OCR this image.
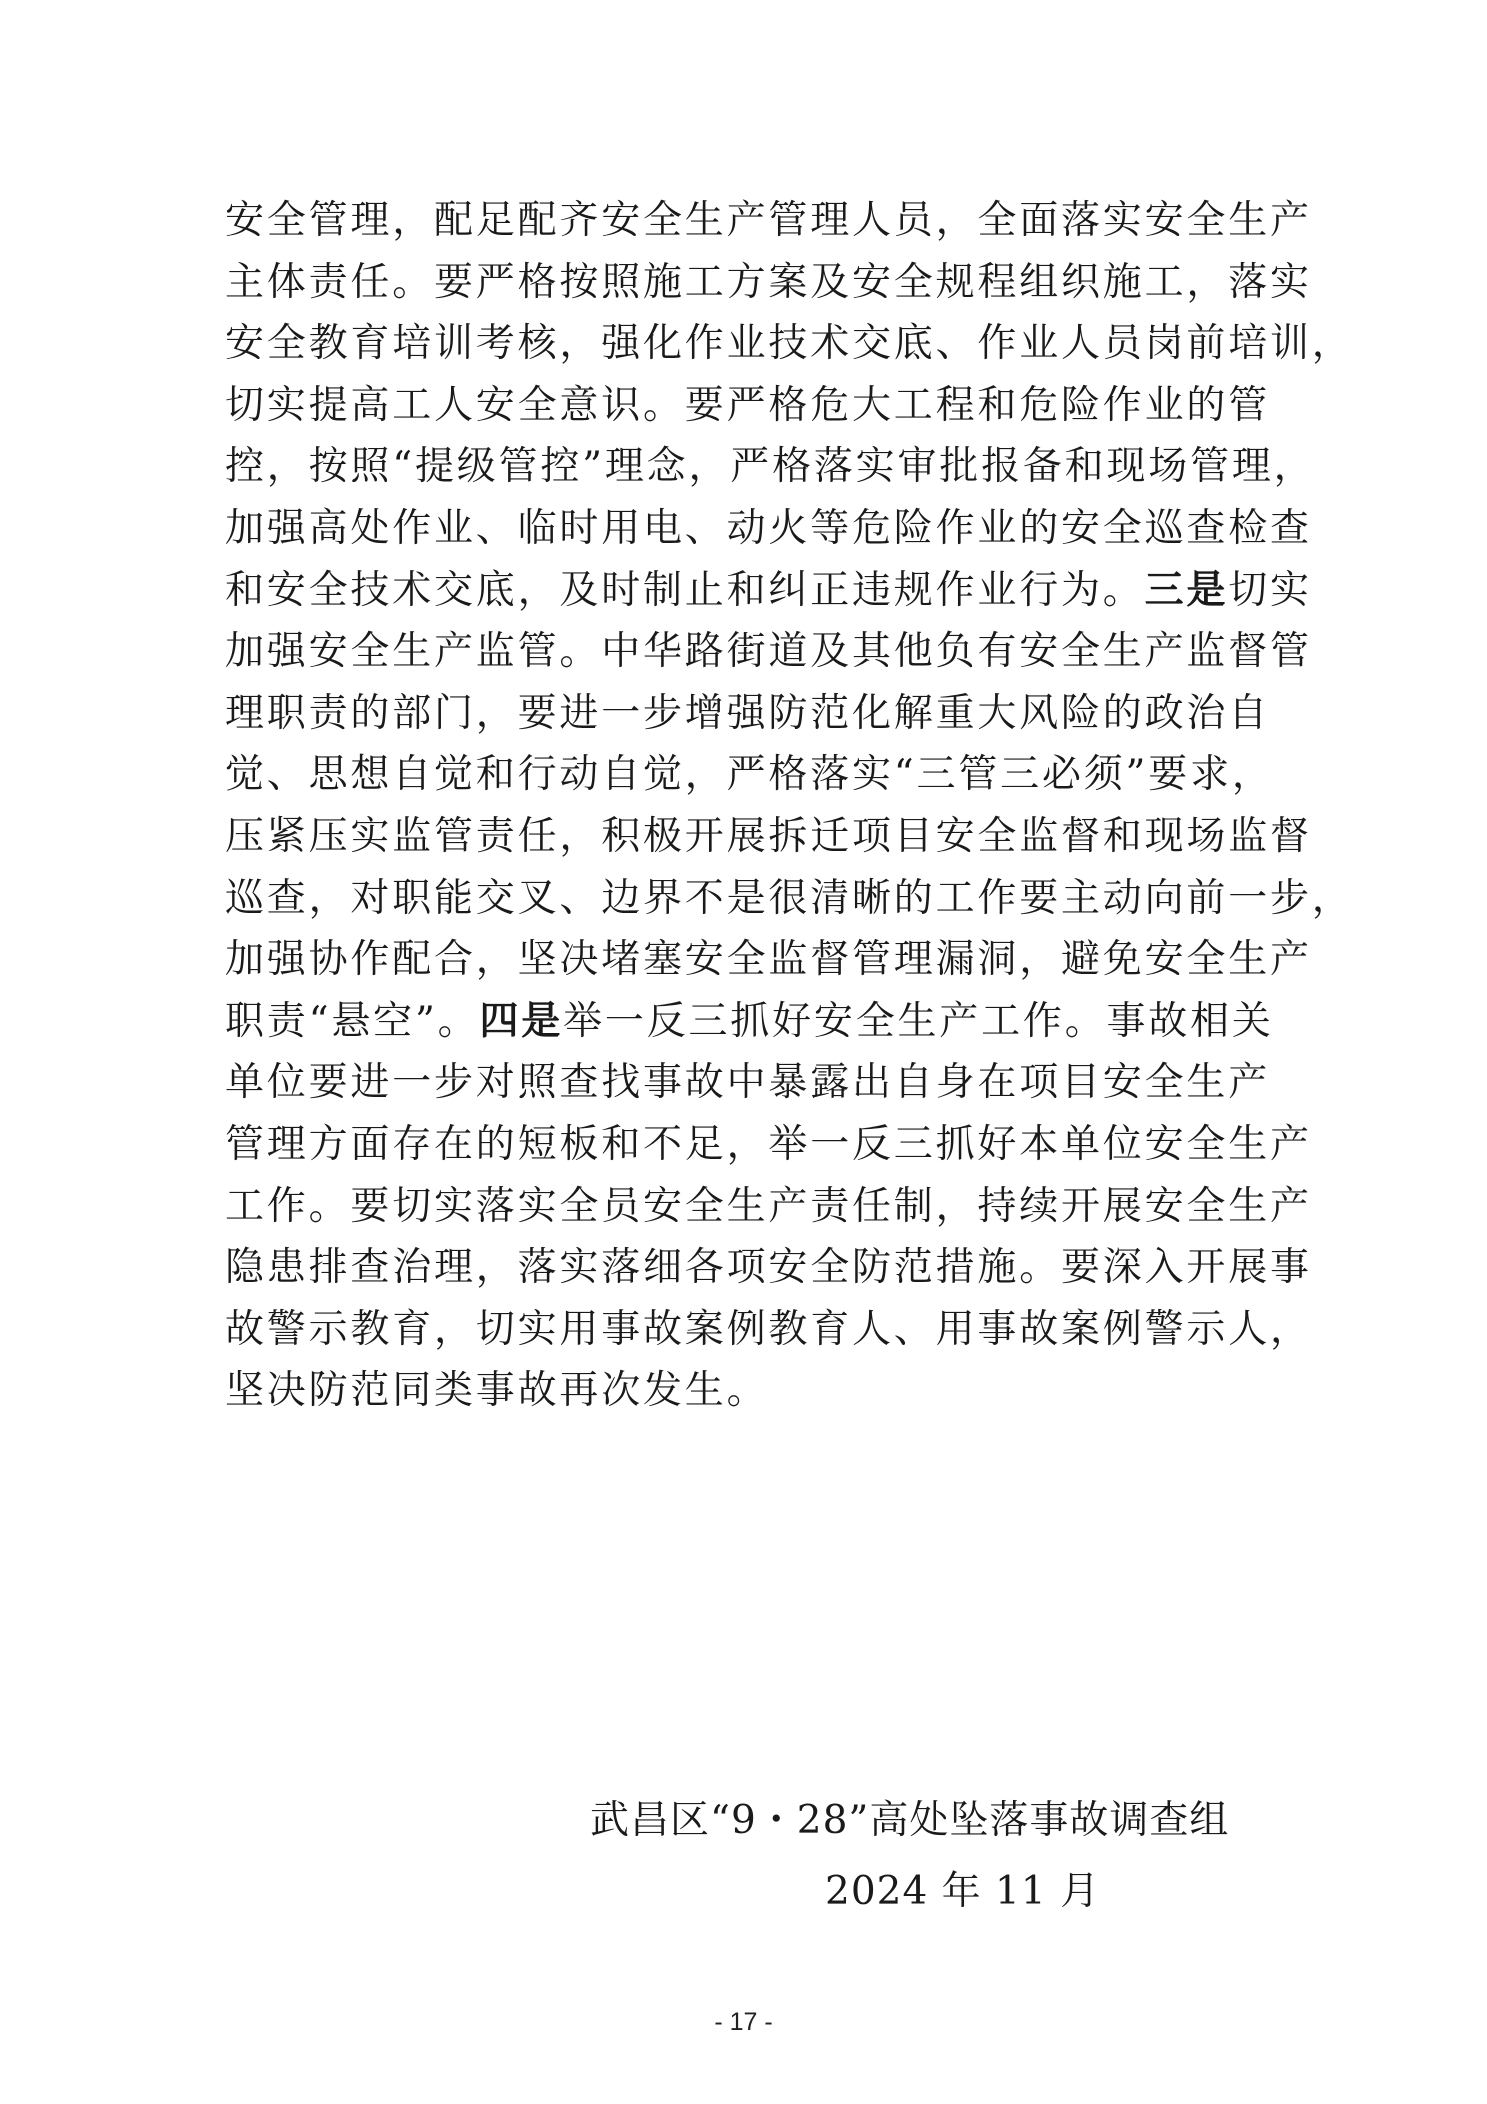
安全管理，配足配齐安全生产管理人员，全面落实安全生产
主体责任。要严格按照施工方案及安全规程组织施工，落实
安全教育培训考核，强化作业技术交底、作业人员岗前培训，
切实提高工人安全意识。要严格危大工程和危险作业的管
控，按照“提级管控”理念，严格落实审批报备和现场管理，
加强高处作业、临时用电、动火等危险作业的安全巡查检查
和安全技术交底，及时制止和纠正违规作业行为。三是切实
加强安全生产监管。中华路街道及其他负有安全生产监督管
理职责的部门，要进一步增强防范化解重大风险的政治自
觉、思想自觉和行动自觉，严格落实“三管三必须”要求，
压紧压实监管责任，积极开展拆迁项目安全监督和现场监督
巡查，对职能交叉、边界不是很清晰的工作要主动向前一步，
加强协作配合，坚决堵塞安全监督管理漏洞，避免安全生产
职责“悬空”。四是举一反三抓好安全生产工作。事故相关
单位要进一步对照查找事故中暴露出自身在项目安全生产
管理方面存在的短板和不足，举一反三抓好本单位安全生产
工作。要切实落实全员安全生产责任制，持续开展安全生产
隐患排查治理，落实落细各项安全防范措施。要深入开展事
故警示教育，切实用事故案例教育人、用事故案例警示人，
坚决防范同类事故再次发生。
武昌区“9・28”高处坠落事故调查组
2024 年 11 月
- 17 -
